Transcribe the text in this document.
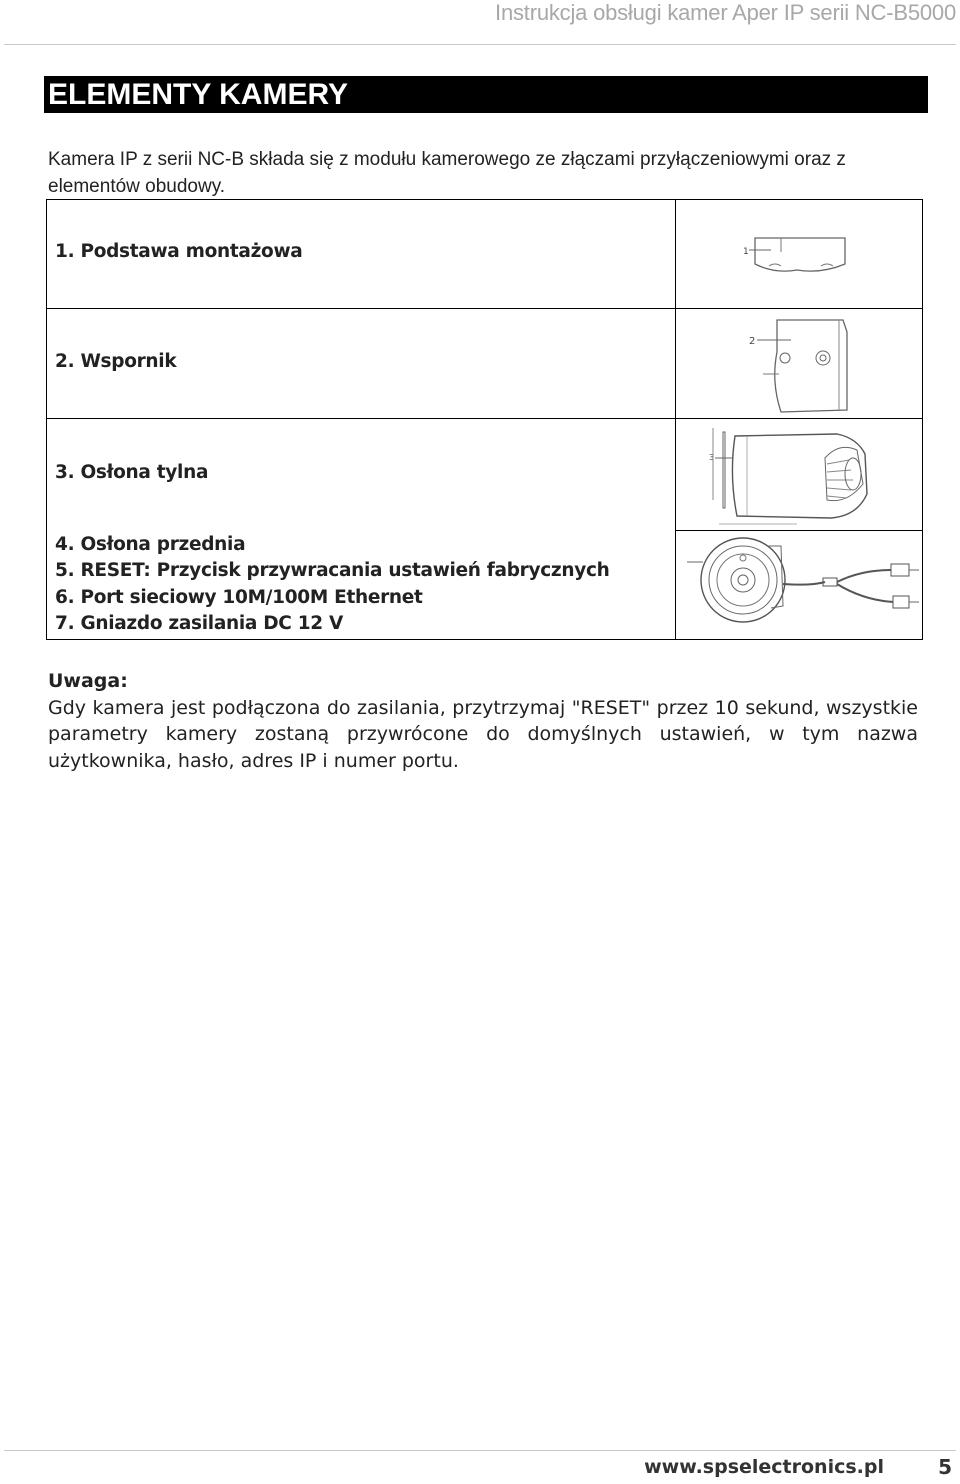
Instrukcja obsługi kamer Aper IP serii NC-B5000
ELEMENTY KAMERY
Kamera IP z serii NC-B składa się z modułu kamerowego ze złączami przyłączeniowymi oraz z elementów obudowy.
1. Podstawa montażowa
2. Wspornik
3. Osłona tylna
4. Osłona przednia
5. RESET: Przycisk przywracania ustawień fabrycznych
6. Port sieciowy 10M/100M Ethernet
7. Gniazdo zasilania DC 12 V
1
2
3
Uwaga:
Gdy kamera jest podłączona do zasilania, przytrzymaj "RESET" przez 10 sekund, wszystkie parametry kamery zostaną przywrócone do domyślnych ustawień, w tym nazwa użytkownika, hasło, adres IP i numer portu.
www.spselectronics.pl	5
